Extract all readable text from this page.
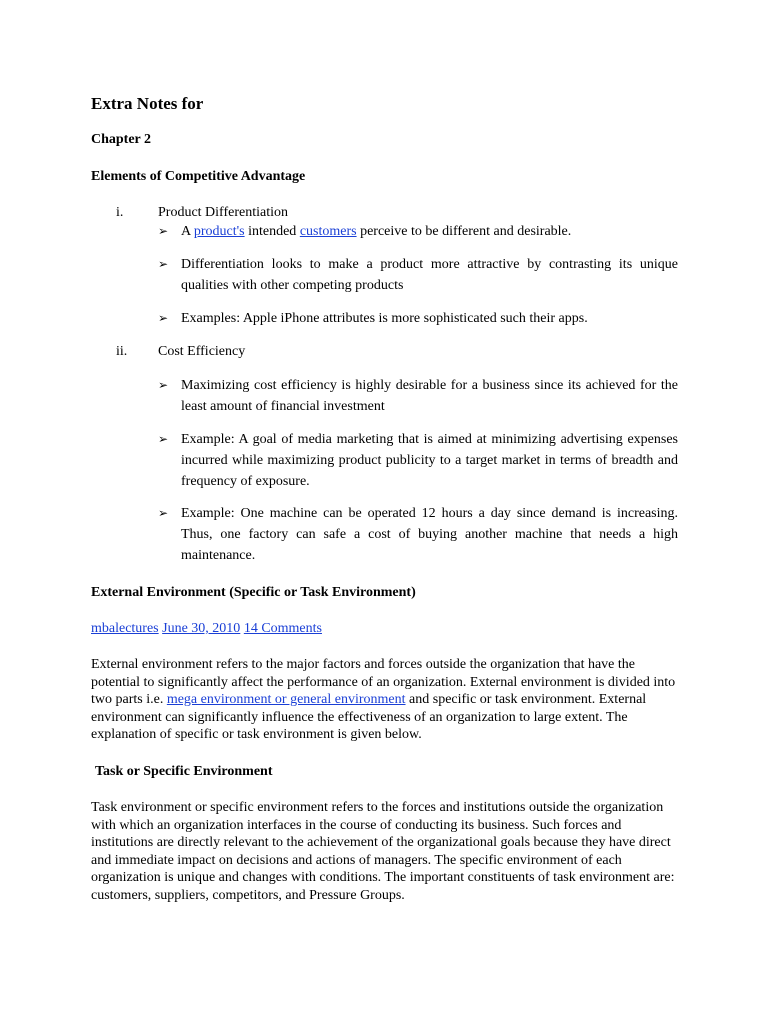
Extra Notes for
Chapter 2
Elements of Competitive Advantage
i. Product Differentiation
➢ A product's intended customers perceive to be different and desirable.
➢ Differentiation looks to make a product more attractive by contrasting its unique qualities with other competing products
➢ Examples: Apple iPhone attributes is more sophisticated such their apps.
ii. Cost Efficiency
➢ Maximizing cost efficiency is highly desirable for a business since its achieved for the least amount of financial investment
➢ Example: A goal of media marketing that is aimed at minimizing advertising expenses incurred while maximizing product publicity to a target market in terms of breadth and frequency of exposure.
➢ Example: One machine can be operated 12 hours a day since demand is increasing. Thus, one factory can safe a cost of buying another machine that needs a high maintenance.
External Environment (Specific or Task Environment)
mbalectures June 30, 2010 14 Comments
External environment refers to the major factors and forces outside the organization that have the potential to significantly affect the performance of an organization. External environment is divided into two parts i.e. mega environment or general environment and specific or task environment. External environment can significantly influence the effectiveness of an organization to large extent. The explanation of specific or task environment is given below.
Task or Specific Environment
Task environment or specific environment refers to the forces and institutions outside the organization with which an organization interfaces in the course of conducting its business. Such forces and institutions are directly relevant to the achievement of the organizational goals because they have direct and immediate impact on decisions and actions of managers. The specific environment of each organization is unique and changes with conditions. The important constituents of task environment are: customers, suppliers, competitors, and Pressure Groups.
